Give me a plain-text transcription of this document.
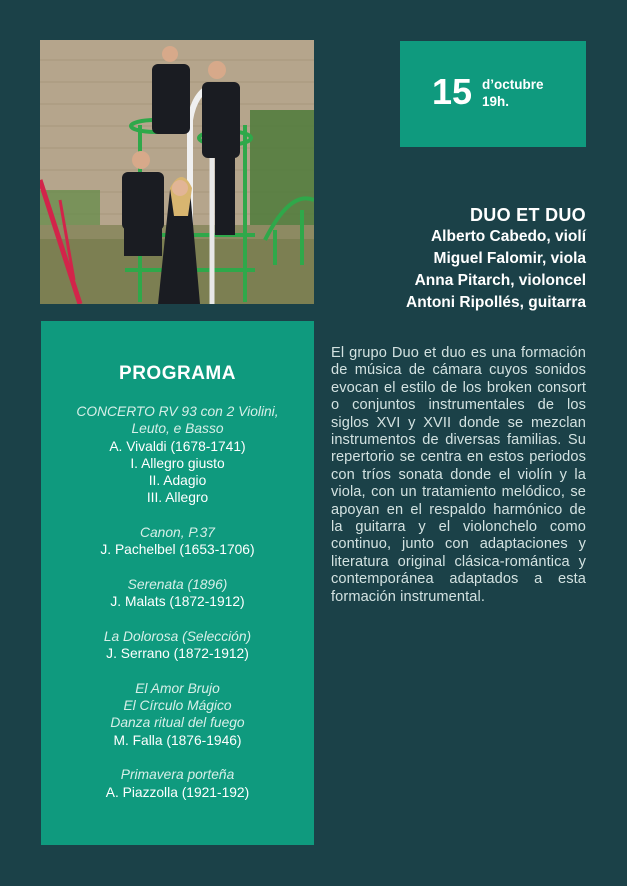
15 d’octubre
19h.
DUO ET DUO
Alberto Cabedo, violí
Miguel Falomir, viola
Anna Pitarch, violoncel
Antoni Ripollés, guitarra
PROGRAMA
CONCERTO RV 93 con 2 Violini,
Leuto, e Basso
A. Vivaldi (1678-1741)
I. Allegro giusto
II. Adagio
III. Allegro
Canon, P.37
J. Pachelbel (1653-1706)
Serenata (1896)
J. Malats (1872-1912)
La Dolorosa (Selección)
J. Serrano (1872-1912)
El Amor Brujo
El Círculo Mágico
Danza ritual del fuego
M. Falla (1876-1946)
Primavera porteña
A. Piazzolla (1921-192)
El grupo Duo et duo es una formación de música de cámara cuyos sonidos evocan el estilo de los broken consort o conjuntos instrumentales de los siglos XVI y XVII donde se mezclan instrumentos de diversas familias. Su repertorio se centra en estos periodos con tríos sonata donde el violín y la viola, con un tratamiento melódico, se apoyan en el respaldo harmónico de la guitarra y el violonchelo como continuo, junto con adaptaciones y literatura original clásica-romántica y contemporánea adaptados a esta formación instrumental.
